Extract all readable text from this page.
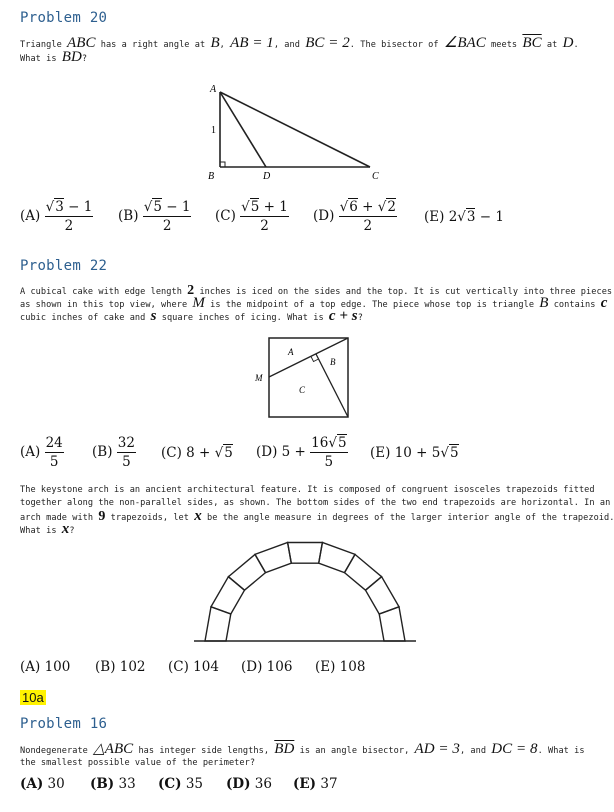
Problem 20
Triangle ABC has a right angle at B, AB = 1, and BC = 2. The bisector of ∠BAC meets $\overline{BC}$ at D.
What is BD?
A
B	D	C
1
$(A) \frac{√3 - 1}{2} (B) \frac{√5 - 1}{2} (C) \frac{√5 + 1}{2} (D) \frac{√6 + √2}{2} (E) 2√3 - 1$
Problem 22
A cubical cake with edge length 2 inches is iced on the sides and the top. It is cut vertically into three pieces
as shown in this top view, where M is the midpoint of a top edge. The piece whose top is triangle B contains c
cubic inches of cake and s square inches of icing. What is c + s?
A
B
C
M
$(A) \frac{24}{5} (B) \frac{32}{5} (C) 8 + √5$ (D) $5 + \frac{16√5}{5} (E) 10 + 5√5$
The keystone arch is an ancient architectural feature. It is composed of congruent isosceles trapezoids fitted
together along the non-parallel sides, as shown. The bottom sides of the two end trapezoids are horizontal. In an
arch made with 9 trapezoids, let x be the angle measure in degrees of the larger interior angle of the trapezoid.
What is x?
(A) 100 (B) 102 (C) 104 (D) 106 (E) 108
10a
Problem 16
Nondegenerate △ABC has integer side lengths, $\overline{BD}$ is an angle bisector, AD = 3, and DC = 8. What is
the smallest possible value of the perimeter?
(A) 30 (B) 33 (C) 35 (D) 36 (E) 37
